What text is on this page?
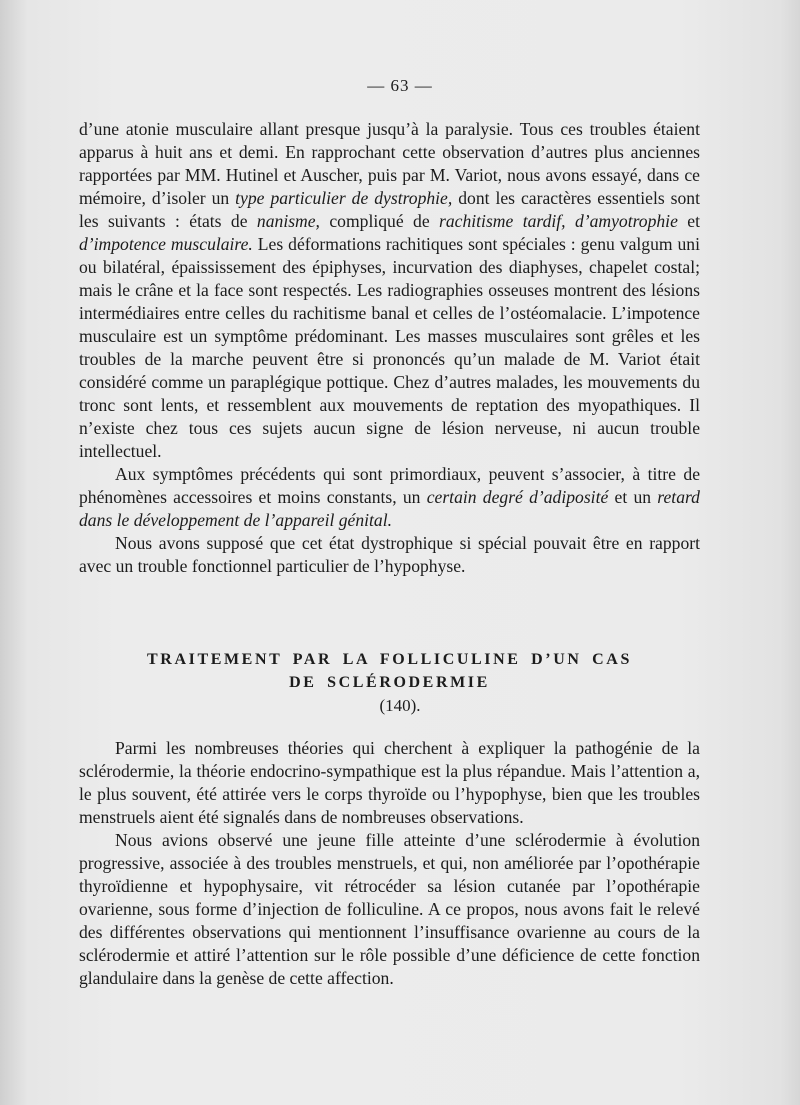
— 63 —

d’une atonie musculaire allant presque jusqu’à la paralysie. Tous ces troubles étaient apparus à huit ans et demi. En rapprochant cette observation d’autres plus anciennes rapportées par MM. Hutinel et Auscher, puis par M. Variot, nous avons essayé, dans ce mémoire, d’isoler un type particulier de dystrophie, dont les caractères essentiels sont les suivants : états de nanisme, compliqué de rachitisme tardif, d’amyotrophie et d’impotence musculaire. Les déformations rachitiques sont spéciales : genu valgum uni ou bilatéral, épaississement des épiphyses, incurvation des diaphyses, chapelet costal; mais le crâne et la face sont respectés. Les radiographies osseuses montrent des lésions intermédiaires entre celles du rachitisme banal et celles de l’ostéomalacie. L’impotence musculaire est un symptôme prédominant. Les masses musculaires sont grêles et les troubles de la marche peuvent être si prononcés qu’un malade de M. Variot était considéré comme un paraplégique pottique. Chez d’autres malades, les mouvements du tronc sont lents, et ressemblent aux mouvements de reptation des myopathiques. Il n’existe chez tous ces sujets aucun signe de lésion nerveuse, ni aucun trouble intellectuel.

Aux symptômes précédents qui sont primordiaux, peuvent s’associer, à titre de phénomènes accessoires et moins constants, un certain degré d’adiposité et un retard dans le développement de l’appareil génital.

Nous avons supposé que cet état dystrophique si spécial pouvait être en rapport avec un trouble fonctionnel particulier de l’hypophyse.

TRAITEMENT PAR LA FOLLICULINE D’UN CAS
DE SCLÉRODERMIE
(140).

Parmi les nombreuses théories qui cherchent à expliquer la pathogénie de la sclérodermie, la théorie endocrino-sympathique est la plus répandue. Mais l’attention a, le plus souvent, été attirée vers le corps thyroïde ou l’hypophyse, bien que les troubles menstruels aient été signalés dans de nombreuses observations.

Nous avions observé une jeune fille atteinte d’une sclérodermie à évolution progressive, associée à des troubles menstruels, et qui, non améliorée par l’opothérapie thyroïdienne et hypophysaire, vit rétrocéder sa lésion cutanée par l’opothérapie ovarienne, sous forme d’injection de folliculine. A ce propos, nous avons fait le relevé des différentes observations qui mentionnent l’insuffisance ovarienne au cours de la sclérodermie et attiré l’attention sur le rôle possible d’une déficience de cette fonction glandulaire dans la genèse de cette affection.
